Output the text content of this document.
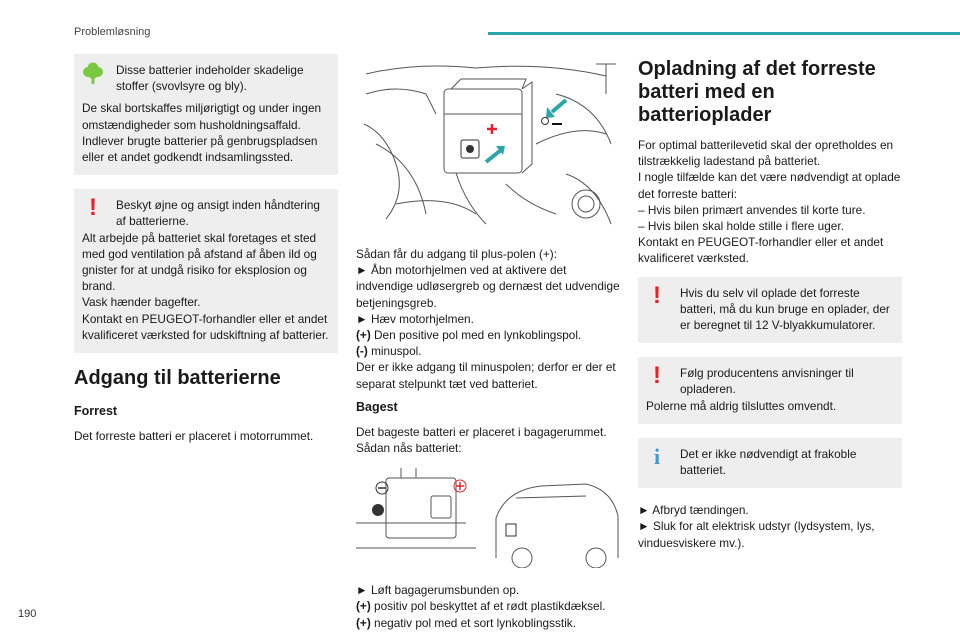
Problemløsning
190

Disse batterier indeholder skadelige stoffer (svovlsyre og bly).

De skal bortskaffes miljørigtigt og under ingen omstændigheder som husholdningsaffald. Indlever brugte batterier på genbrugspladsen eller et andet godkendt indsamlingssted.

!	Beskyt øjne og ansigt inden håndtering af batterierne.

Alt arbejde på batteriet skal foretages et sted med god ventilation på afstand af åben ild og gnister for at undgå risiko for eksplosion og brand.

Vask hænder bagefter.

Kontakt en PEUGEOT-forhandler eller et andet kvalificeret værksted for udskiftning af batterier.

Adgang til batterierne
Forrest

Det forreste batteri er placeret i motorrummet.

Sådan får du adgang til plus-polen (+):

► Åbn motorhjelmen ved at aktivere det indvendige udløsergreb og dernæst det udvendige betjeningsgreb.

► Hæv motorhjelmen.

(+) Den positive pol med en lynkoblingspol.

(-) minuspol.

Der er ikke adgang til minuspolen; derfor er der et separat stelpunkt tæt ved batteriet.

Bagest

Det bageste batteri er placeret i bagagerummet.

Sådan nås batteriet:

► Løft bagagerumsbunden op.

(+) positiv pol beskyttet af et rødt plastikdæksel.

(+) negativ pol med et sort lynkoblingsstik.

Opladning af det forreste batteri med en batterioplader

For optimal batterilevetid skal der opretholdes en tilstrækkelig ladestand på batteriet.

I nogle tilfælde kan det være nødvendigt at oplade det forreste batteri:

– Hvis bilen primært anvendes til korte ture.

– Hvis bilen skal holde stille i flere uger.

Kontakt en PEUGEOT-forhandler eller et andet kvalificeret værksted.

!	Hvis du selv vil oplade det forreste batteri, må du kun bruge en oplader, der er beregnet til 12 V-blyakkumulatorer.

!	Følg producentens anvisninger til opladeren.

Polerne må aldrig tilsluttes omvendt.

i	Det er ikke nødvendigt at frakoble batteriet.

► Afbryd tændingen.

► Sluk for alt elektrisk udstyr (lydsystem, lys, vinduesviskere mv.).
